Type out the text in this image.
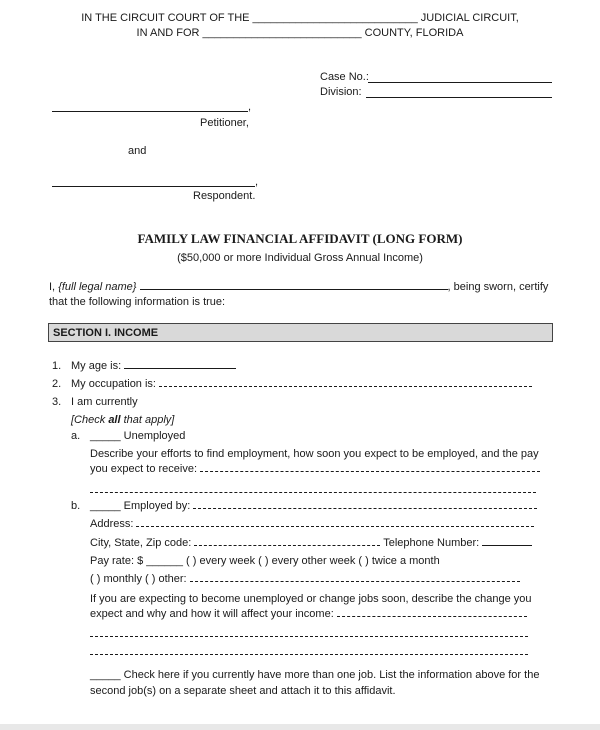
IN THE CIRCUIT COURT OF THE ___________________________ JUDICIAL CIRCUIT,
IN AND FOR __________________________ COUNTY, FLORIDA
Case No.:
Division:
,
Petitioner,
and
,
Respondent.
FAMILY LAW FINANCIAL AFFIDAVIT (LONG FORM)
($50,000 or more Individual Gross Annual Income)
I, {full legal name}	, being sworn, certify
that the following information is true:
SECTION I. INCOME
1. My age is:
2. My occupation is:
3. I am currently
[Check all that apply]
a. _____ Unemployed
Describe your efforts to find employment, how soon you expect to be employed, and the pay
you expect to receive:
b. _____ Employed by:
Address:
City, State, Zip code:	Telephone Number:
Pay rate: $ ______ ( ) every week ( ) every other week ( ) twice a month
( ) monthly ( ) other:
If you are expecting to become unemployed or change jobs soon, describe the change you
expect and why and how it will affect your income:
_____ Check here if you currently have more than one job. List the information above for the
second job(s) on a separate sheet and attach it to this affidavit.
